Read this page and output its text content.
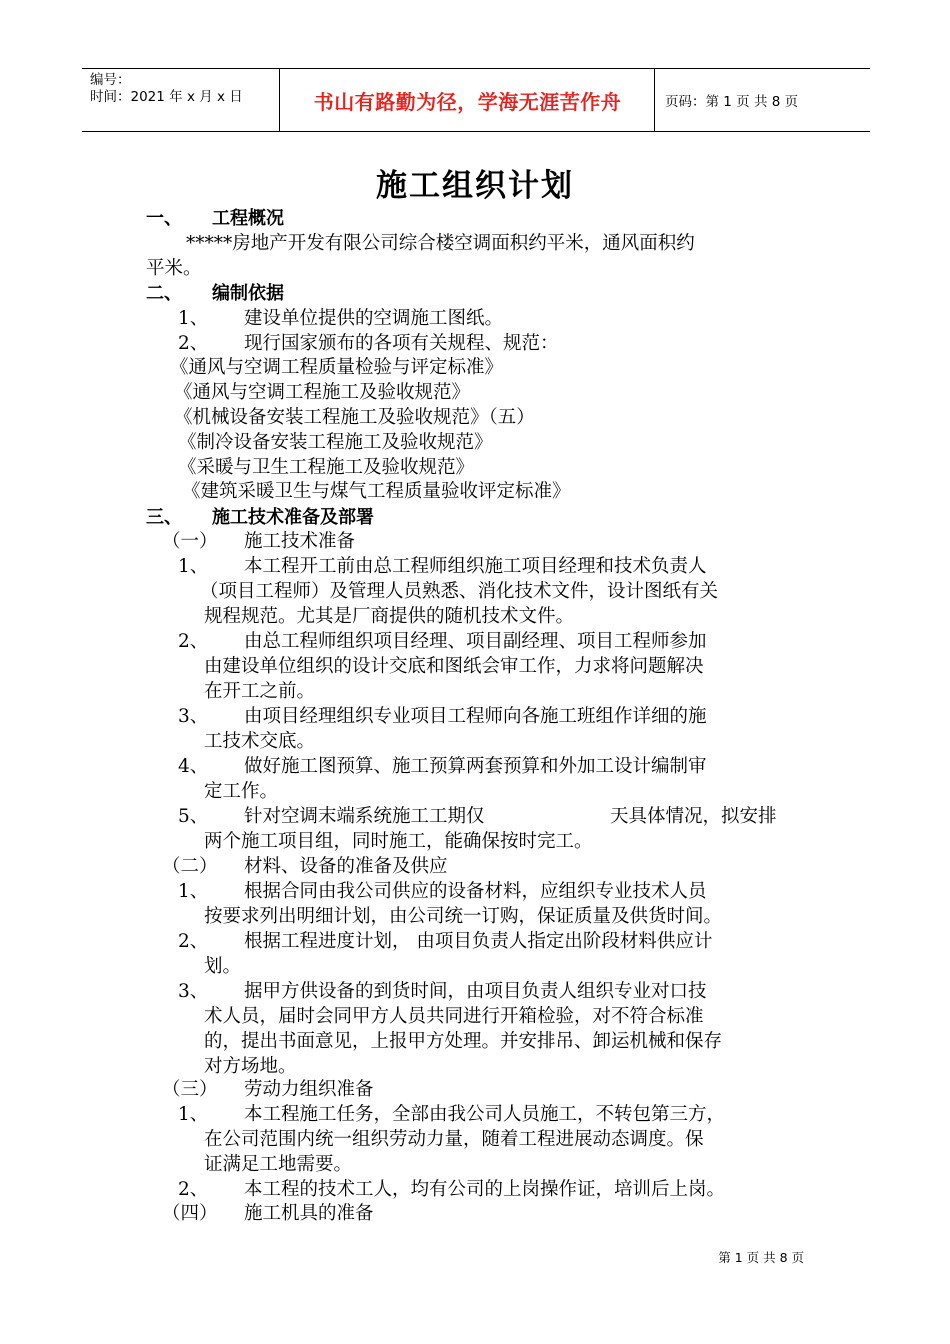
编号：
时间：2021 年 x 月 x 日	书山有路勤为径，学海无涯苦作舟	页码：第 1 页 共 8 页
施工组织计划
一、 工程概况
*****房地产开发有限公司综合楼空调面积约平米，通风面积约
平米。
二、 编制依据
1、 建设单位提供的空调施工图纸。
2、 现行国家颁布的各项有关规程、规范：
《通风与空调工程质量检验与评定标准》
《通风与空调工程施工及验收规范》
《机械设备安装工程施工及验收规范》（五）
《制冷设备安装工程施工及验收规范》
《采暖与卫生工程施工及验收规范》
《建筑采暖卫生与煤气工程质量验收评定标准》
三、 施工技术准备及部署
（一） 施工技术准备
1、 本工程开工前由总工程师组织施工项目经理和技术负责人
（项目工程师）及管理人员熟悉、消化技术文件，设计图纸有关
规程规范。尤其是厂商提供的随机技术文件。
2、 由总工程师组织项目经理、项目副经理、项目工程师参加
由建设单位组织的设计交底和图纸会审工作，力求将问题解决
在开工之前。
3、 由项目经理组织专业项目工程师向各施工班组作详细的施
工技术交底。
4、 做好施工图预算、施工预算两套预算和外加工设计编制审
定工作。
5、 针对空调末端系统施工工期仅	天具体情况，拟安排
两个施工项目组，同时施工，能确保按时完工。
（二） 材料、设备的准备及供应
1、 根据合同由我公司供应的设备材料，应组织专业技术人员
按要求列出明细计划，由公司统一订购，保证质量及供货时间。
2、 根据工程进度计划， 由项目负责人指定出阶段材料供应计
划。
3、 据甲方供设备的到货时间，由项目负责人组织专业对口技
术人员，届时会同甲方人员共同进行开箱检验，对不符合标准
的，提出书面意见，上报甲方处理。并安排吊、卸运机械和保存
对方场地。
（三） 劳动力组织准备
1、 本工程施工任务，全部由我公司人员施工，不转包第三方，
在公司范围内统一组织劳动力量，随着工程进展动态调度。保
证满足工地需要。
2、 本工程的技术工人，均有公司的上岗操作证，培训后上岗。
（四） 施工机具的准备
第 1 页 共 8 页
